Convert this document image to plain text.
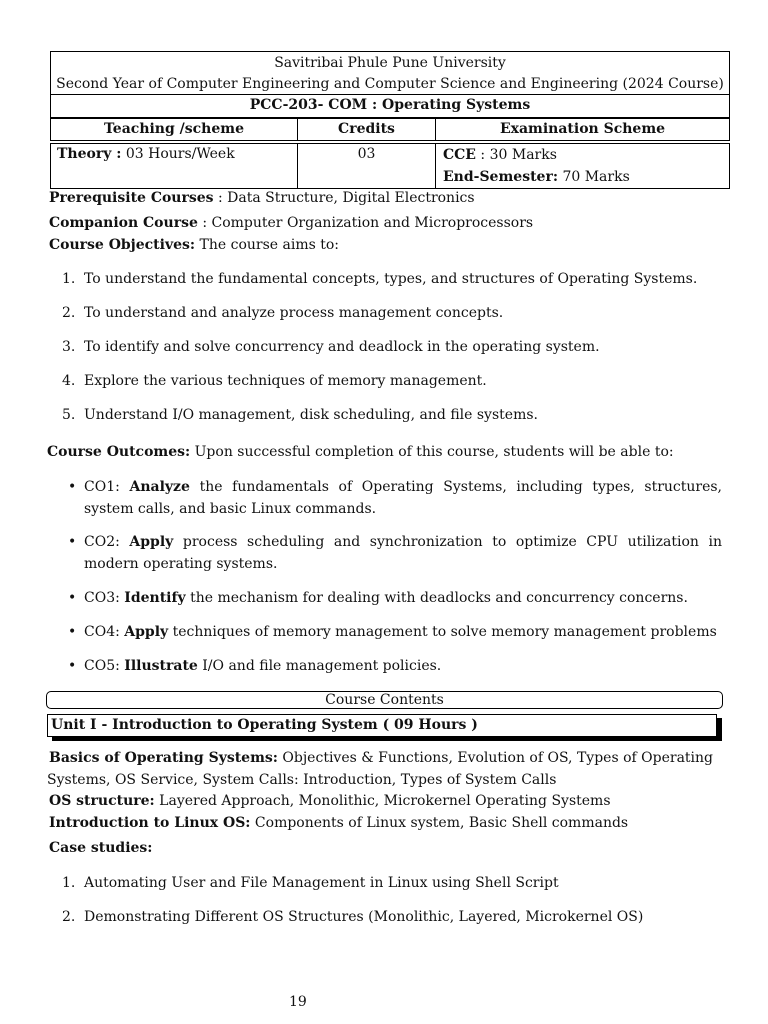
Savitribai Phule Pune University
Second Year of Computer Engineering and Computer Science and Engineering (2024 Course)
PCC-203- COM : Operating Systems
Teaching /scheme	Credits	Examination Scheme
Theory : 03 Hours/Week	03	CCE : 30 Marks
End-Semester: 70 Marks
Prerequisite Courses : Data Structure, Digital Electronics
Companion Course : Computer Organization and Microprocessors
Course Objectives: The course aims to:
1. To understand the fundamental concepts, types, and structures of Operating Systems.
2. To understand and analyze process management concepts.
3. To identify and solve concurrency and deadlock in the operating system.
4. Explore the various techniques of memory management.
5. Understand I/O management, disk scheduling, and file systems.
Course Outcomes: Upon successful completion of this course, students will be able to:
• CO1: Analyze the fundamentals of Operating Systems, including types, structures, system calls, and basic Linux commands.
• CO2: Apply process scheduling and synchronization to optimize CPU utilization in modern operating systems.
• CO3: Identify the mechanism for dealing with deadlocks and concurrency concerns.
• CO4: Apply techniques of memory management to solve memory management problems
• CO5: Illustrate I/O and file management policies.
Course Contents
Unit I - Introduction to Operating System ( 09 Hours )
Basics of Operating Systems: Objectives & Functions, Evolution of OS, Types of Operating Systems, OS Service, System Calls: Introduction, Types of System Calls
OS structure: Layered Approach, Monolithic, Microkernel Operating Systems
Introduction to Linux OS: Components of Linux system, Basic Shell commands
Case studies:
1. Automating User and File Management in Linux using Shell Script
2. Demonstrating Different OS Structures (Monolithic, Layered, Microkernel OS)
19
